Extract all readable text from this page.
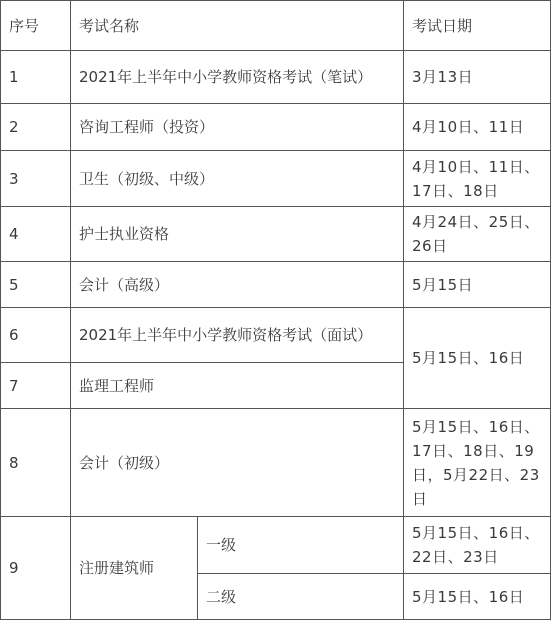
序号	考试名称		考试日期
1	2021年上半年中小学教师资格考试（笔试）		3月13日
2	咨询工程师（投资）		4月10日、11日
3	卫生（初级、中级）		4月10日、11日、17日、18日
4	护士执业资格		4月24日、25日、26日
5	会计（高级）		5月15日
6	2021年上半年中小学教师资格考试（面试）		5月15日、16日
7	监理工程师		
8	会计（初级）		5月15日、16日、17日、18日、19日，5月22日、23日
9	注册建筑师	一级	5月15日、16日、22日、23日
		二级	5月15日、16日
